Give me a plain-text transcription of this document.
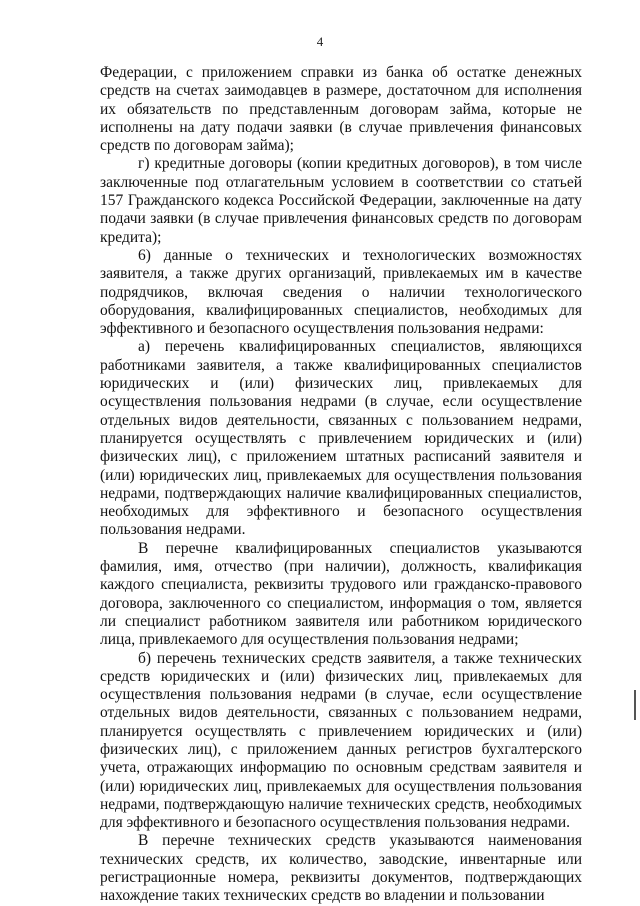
4

Федерации, с приложением справки из банка об остатке денежных средств на счетах заимодавцев в размере, достаточном для исполнения их обязательств по представленным договорам займа, которые не исполнены на дату подачи заявки (в случае привлечения финансовых средств по договорам займа);

г) кредитные договоры (копии кредитных договоров), в том числе заключенные под отлагательным условием в соответствии со статьей 157 Гражданского кодекса Российской Федерации, заключенные на дату подачи заявки (в случае привлечения финансовых средств по договорам кредита);

6) данные о технических и технологических возможностях заявителя, а также других организаций, привлекаемых им в качестве подрядчиков, включая сведения о наличии технологического оборудования, квалифицированных специалистов, необходимых для эффективного и безопасного осуществления пользования недрами:

а) перечень квалифицированных специалистов, являющихся работниками заявителя, а также квалифицированных специалистов юридических и (или) физических лиц, привлекаемых для осуществления пользования недрами (в случае, если осуществление отдельных видов деятельности, связанных с пользованием недрами, планируется осуществлять с привлечением юридических и (или) физических лиц), с приложением штатных расписаний заявителя и (или) юридических лиц, привлекаемых для осуществления пользования недрами, подтверждающих наличие квалифицированных специалистов, необходимых для эффективного и безопасного осуществления пользования недрами.

В перечне квалифицированных специалистов указываются фамилия, имя, отчество (при наличии), должность, квалификация каждого специалиста, реквизиты трудового или гражданско-правового договора, заключенного со специалистом, информация о том, является ли специалист работником заявителя или работником юридического лица, привлекаемого для осуществления пользования недрами;

б) перечень технических средств заявителя, а также технических средств юридических и (или) физических лиц, привлекаемых для осуществления пользования недрами (в случае, если осуществление отдельных видов деятельности, связанных с пользованием недрами, планируется осуществлять с привлечением юридических и (или) физических лиц), с приложением данных регистров бухгалтерского учета, отражающих информацию по основным средствам заявителя и (или) юридических лиц, привлекаемых для осуществления пользования недрами, подтверждающую наличие технических средств, необходимых для эффективного и безопасного осуществления пользования недрами.

В перечне технических средств указываются наименования технических средств, их количество, заводские, инвентарные или регистрационные номера, реквизиты документов, подтверждающих нахождение таких технических средств во владении и пользовании
